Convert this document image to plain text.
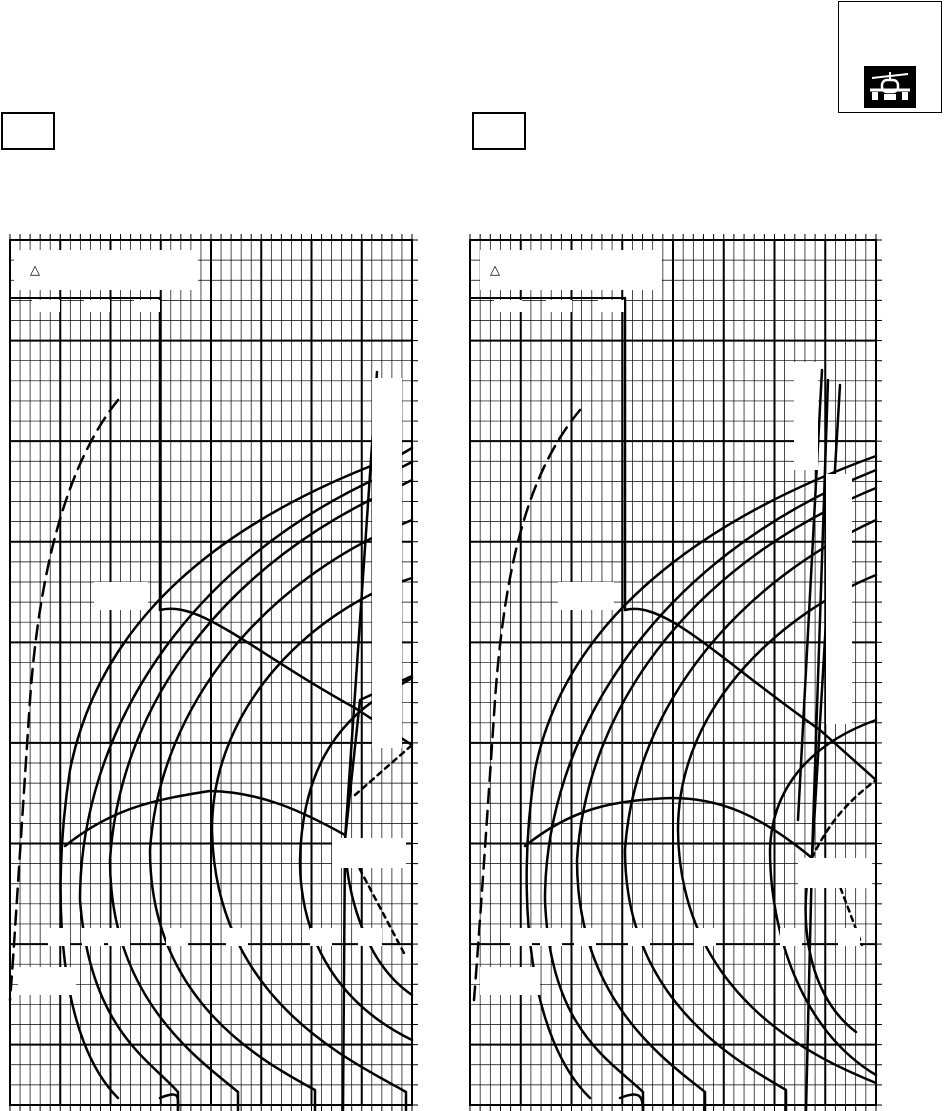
△	△
